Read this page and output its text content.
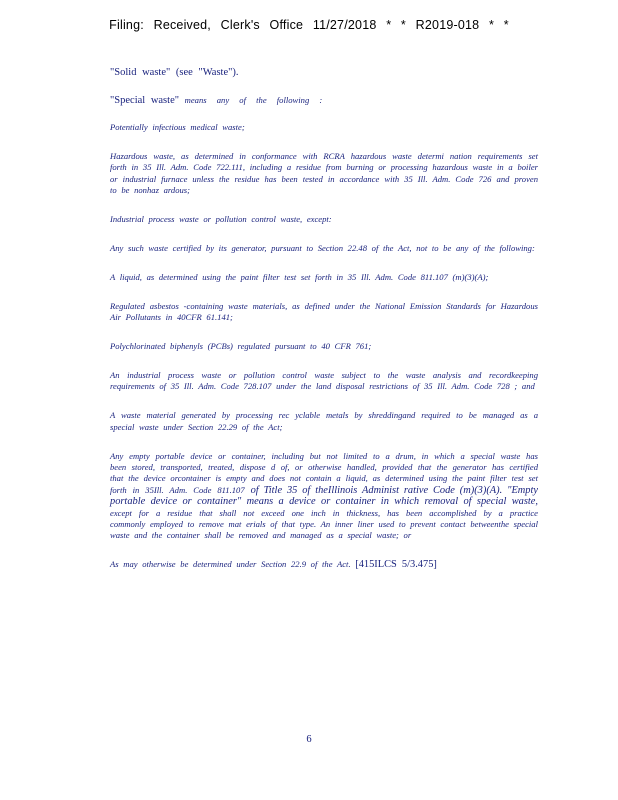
Filing: Received, Clerk's Office 11/27/2018 * * R2019-018 * *

"Solid waste" (see "Waste").

"Special waste" means any of the following :

Potentially infectious medical waste;

Hazardous waste, as determined in conformance with RCRA hazardous waste determi nation requirements set forth in 35 Ill. Adm. Code 722.111, including a residue from burning or processing hazardous waste in a boiler or industrial furnace unless the residue has been tested in accordance with 35 Ill. Adm. Code 726 and proven to be nonhaz ardous;

Industrial process waste or pollution control waste, except:

Any such waste certified by its generator, pursuant to Section 22.48 of the Act, not to be any of the following:

A liquid, as determined using the paint filter test set forth in 35 Ill. Adm. Code 811.107 (m)(3)(A);

Regulated asbestos -containing waste materials, as defined under the National Emission Standards for Hazardous Air Pollutants in 40CFR 61.141;

Polychlorinated biphenyls (PCBs) regulated pursuant to 40 CFR 761;

An industrial process waste or pollution control waste subject to the waste analysis and recordkeeping requirements of 35 Ill. Adm. Code 728.107 under the land disposal restrictions of 35 Ill. Adm. Code 728 ; and

A waste material generated by processing rec yclable metals by shreddingand required to be managed as a special waste under Section 22.29 of the Act;

Any empty portable device or container, including but not limited to a drum, in which a special waste has been stored, transported, treated, dispose d of, or otherwise handled, provided that the generator has certified that the device orcontainer is empty and does not contain a liquid, as determined using the paint filter test set forth in 35Ill. Adm. Code 811.107 of Title 35 of theIllinois Administ rative Code (m)(3)(A). "Empty portable device or container" means a device or container in which removal of special waste, except for a residue that shall not exceed one inch in thickness, has been accomplished by a practice commonly employed to remove mat erials of that type. An inner liner used to prevent contact betweenthe special waste and the container shall be removed and managed as a special waste; or

As may otherwise be determined under Section 22.9 of the Act. [415ILCS 5/3.475]

6
